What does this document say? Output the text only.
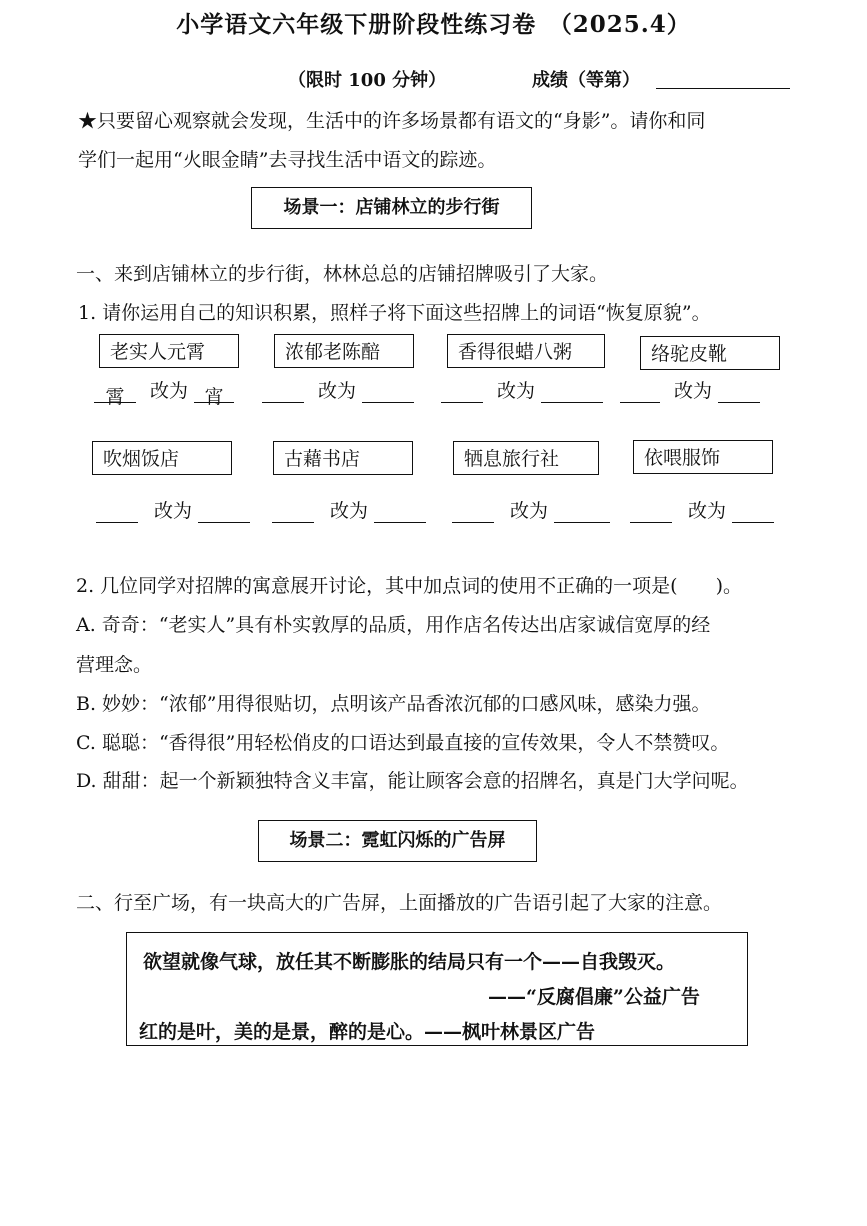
小学语文六年级下册阶段性练习卷　（2025.4）
（限时 100 分钟）	成绩（等第）
★只要留心观察就会发现，生活中的许多场景都有语文的“身影”。请你和同
学们一起用“火眼金睛”去寻找生活中语文的踪迹。
场景一：店铺林立的步行街
一、来到店铺林立的步行街，林林总总的店铺招牌吸引了大家。
1. 请你运用自己的知识积累，照样子将下面这些招牌上的词语“恢复原貌”。
老实人元霄	浓郁老陈醅	香得很蜡八粥	络驼皮靴
霄 改为 宵	改为	改为	改为
吹烟饭店	古藉书店	牺息旅行社	依喂服饰
改为	改为	改为	改为
2. 几位同学对招牌的寓意展开讨论，其中加点词的使用不正确的一项是(　　)。
A. 奇奇：“老实人”具有朴实敦厚的品质，用作店名传达出店家诚信宽厚的经
营理念。
B. 妙妙：“浓郁”用得很贴切，点明该产品香浓沉郁的口感风味，感染力强。
C. 聪聪：“香得很”用轻松俏皮的口语达到最直接的宣传效果，令人不禁赞叹。
D. 甜甜：起一个新颖独特含义丰富，能让顾客会意的招牌名，真是门大学问呢。
场景二：霓虹闪烁的广告屏
二、行至广场，有一块高大的广告屏，上面播放的广告语引起了大家的注意。
欲望就像气球，放任其不断膨胀的结局只有一个——自我毁灭。
——“反腐倡廉”公益广告
红的是叶，美的是景，醉的是心。——枫叶林景区广告
